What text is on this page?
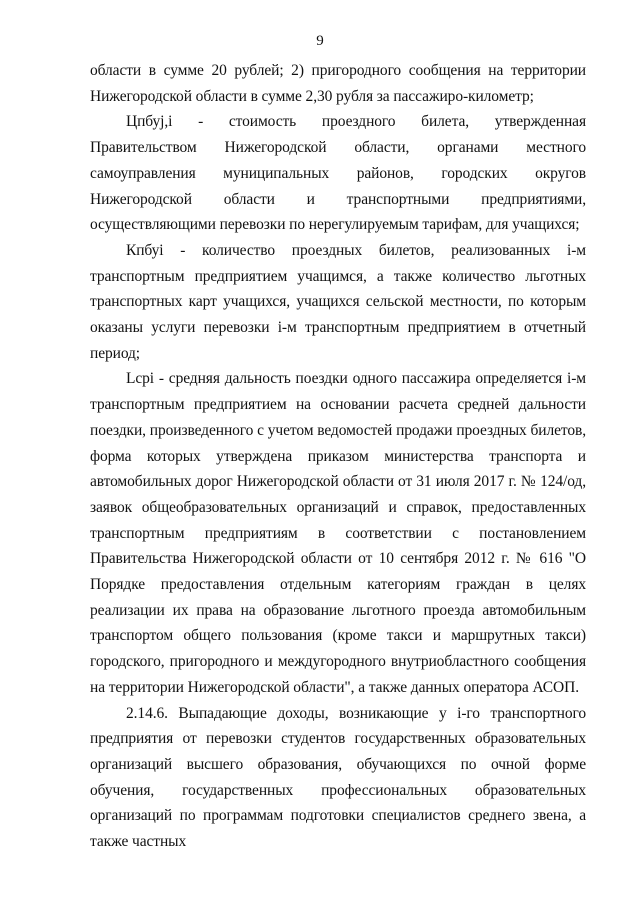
9

области в сумме 20 рублей; 2) пригородного сообщения на территории Нижегородской области в сумме 2,30 рубля за пассажиро-километр;

Цпбуj,i - стоимость проездного билета, утвержденная Правительством Нижегородской области, органами местного самоуправления муниципальных районов, городских округов Нижегородской области и транспортными предприятиями, осуществляющими перевозки по нерегулируемым тарифам, для учащихся;

Кпбуi - количество проездных билетов, реализованных i-м транспортным предприятием учащимся, а также количество льготных транспортных карт учащихся, учащихся сельской местности, по которым оказаны услуги перевозки i-м транспортным предприятием в отчетный период;

Lсрi - средняя дальность поездки одного пассажира определяется i-м транспортным предприятием на основании расчета средней дальности поездки, произведенного с учетом ведомостей продажи проездных билетов, форма которых утверждена приказом министерства транспорта и автомобильных дорог Нижегородской области от 31 июля 2017 г. № 124/од, заявок общеобразовательных организаций и справок, предоставленных транспортным предприятиям в соответствии с постановлением Правительства Нижегородской области от 10 сентября 2012 г. № 616 "О Порядке предоставления отдельным категориям граждан в целях реализации их права на образование льготного проезда автомобильным транспортом общего пользования (кроме такси и маршрутных такси) городского, пригородного и междугородного внутриобластного сообщения на территории Нижегородской области", а также данных оператора АСОП.

2.14.6. Выпадающие доходы, возникающие у i-го транспортного предприятия от перевозки студентов государственных образовательных организаций высшего образования, обучающихся по очной форме обучения, государственных профессиональных образовательных организаций по программам подготовки специалистов среднего звена, а также частных
